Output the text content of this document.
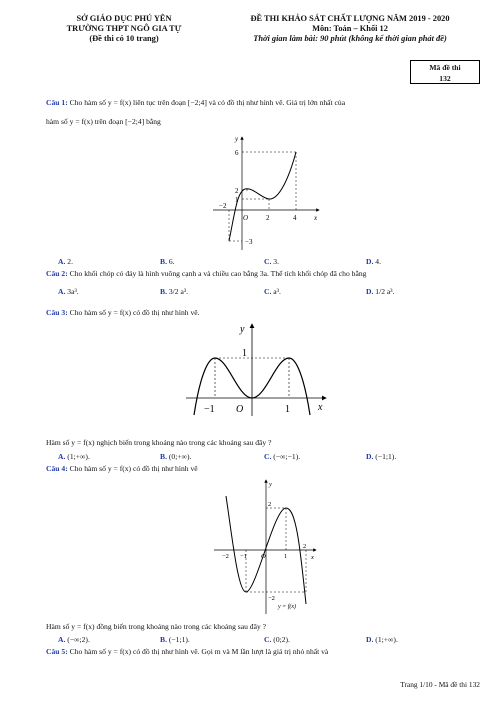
SỞ GIÁO DỤC PHÚ YÊN
TRƯỜNG THPT NGÔ GIA TỰ
(Đề thi có 10 trang)
ĐỀ THI KHẢO SÁT CHẤT LƯỢNG NĂM 2019 - 2020
Môn: Toán – Khối 12
Thời gian làm bài: 90 phút (không kể thời gian phát đề)
Mã đề thi
132
Câu 1: Cho hàm số y = f(x) liên tục trên đoạn [−2;4] và có đồ thị như hình vẽ. Giá trị lớn nhất của
hàm số y = f(x) trên đoạn [−2;4] bằng
y
x
6
2
1
−3
−2
O	2	4
A. 2.	B. 6.	C. 3.	D. 4.
Câu 2: Cho khối chóp có đáy là hình vuông cạnh a và chiều cao bằng 3a. Thể tích khối chóp đã cho bằng
A. 3a³.	B. 3/2 a³.	C. a³.	D. 1/2 a³.
Câu 3: Cho hàm số y = f(x) có đồ thị như hình vẽ.
y
x
1
−1 O	1
Hàm số y = f(x) nghịch biến trong khoảng nào trong các khoảng sau đây ?
A. (1;+∞).	B. (0;+∞).	C. (−∞;−1).	D. (−1;1).
Câu 4: Cho hàm số y = f(x) có đồ thị như hình vẽ
y
x
2
−2
−2 −1 O	1
2
y = f(x)
Hàm số y = f(x) đồng biến trong khoảng nào trong các khoảng sau đây ?
A. (−∞;2).	B. (−1;1).	C. (0;2).	D. (1;+∞).
Câu 5: Cho hàm số y = f(x) có đồ thị như hình vẽ. Gọi m và M lần lượt là giá trị nhỏ nhất và
Trang 1/10 - Mã đề thi 132
